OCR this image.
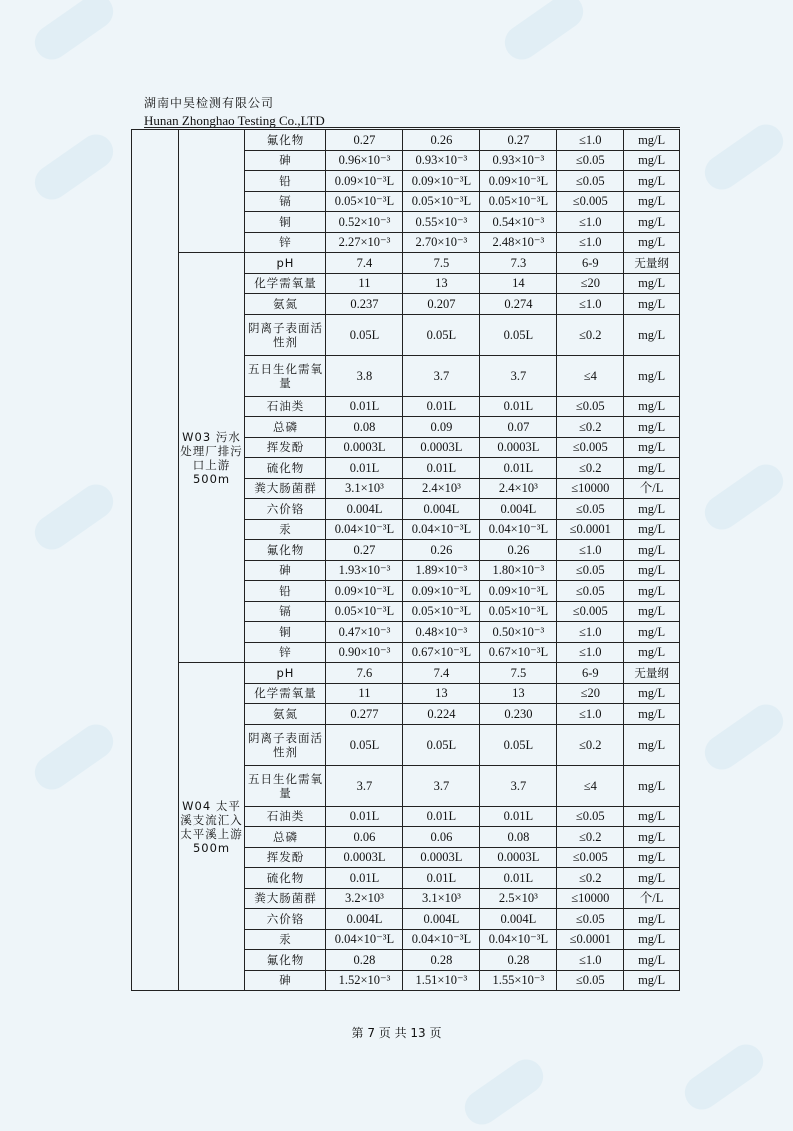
湖南中昊检测有限公司
Hunan Zhonghao Testing Co.,LTD
		氟化物	0.27	0.26	0.27	≤1.0	mg/L
		砷	0.96×10⁻³	0.93×10⁻³	0.93×10⁻³	≤0.05	mg/L
		铅	0.09×10⁻³L	0.09×10⁻³L	0.09×10⁻³L	≤0.05	mg/L
		镉	0.05×10⁻³L	0.05×10⁻³L	0.05×10⁻³L	≤0.005	mg/L
		铜	0.52×10⁻³	0.55×10⁻³	0.54×10⁻³	≤1.0	mg/L
		锌	2.27×10⁻³	2.70×10⁻³	2.48×10⁻³	≤1.0	mg/L
	W03 污水处理厂排污口上游 500m	pH	7.4	7.5	7.3	6-9	无量纲
		化学需氧量	11	13	14	≤20	mg/L
		氨氮	0.237	0.207	0.274	≤1.0	mg/L
		阴离子表面活性剂	0.05L	0.05L	0.05L	≤0.2	mg/L
		五日生化需氧量	3.8	3.7	3.7	≤4	mg/L
		石油类	0.01L	0.01L	0.01L	≤0.05	mg/L
		总磷	0.08	0.09	0.07	≤0.2	mg/L
		挥发酚	0.0003L	0.0003L	0.0003L	≤0.005	mg/L
		硫化物	0.01L	0.01L	0.01L	≤0.2	mg/L
		粪大肠菌群	3.1×10³	2.4×10³	2.4×10³	≤10000	个/L
		六价铬	0.004L	0.004L	0.004L	≤0.05	mg/L
		汞	0.04×10⁻³L	0.04×10⁻³L	0.04×10⁻³L	≤0.0001	mg/L
		氟化物	0.27	0.26	0.26	≤1.0	mg/L
		砷	1.93×10⁻³	1.89×10⁻³	1.80×10⁻³	≤0.05	mg/L
		铅	0.09×10⁻³L	0.09×10⁻³L	0.09×10⁻³L	≤0.05	mg/L
		镉	0.05×10⁻³L	0.05×10⁻³L	0.05×10⁻³L	≤0.005	mg/L
		铜	0.47×10⁻³	0.48×10⁻³	0.50×10⁻³	≤1.0	mg/L
		锌	0.90×10⁻³	0.67×10⁻³L	0.67×10⁻³L	≤1.0	mg/L
	W04 太平溪支流汇入太平溪上游 500m	pH	7.6	7.4	7.5	6-9	无量纲
		化学需氧量	11	13	13	≤20	mg/L
		氨氮	0.277	0.224	0.230	≤1.0	mg/L
		阴离子表面活性剂	0.05L	0.05L	0.05L	≤0.2	mg/L
		五日生化需氧量	3.7	3.7	3.7	≤4	mg/L
		石油类	0.01L	0.01L	0.01L	≤0.05	mg/L
		总磷	0.06	0.06	0.08	≤0.2	mg/L
		挥发酚	0.0003L	0.0003L	0.0003L	≤0.005	mg/L
		硫化物	0.01L	0.01L	0.01L	≤0.2	mg/L
		粪大肠菌群	3.2×10³	3.1×10³	2.5×10³	≤10000	个/L
		六价铬	0.004L	0.004L	0.004L	≤0.05	mg/L
		汞	0.04×10⁻³L	0.04×10⁻³L	0.04×10⁻³L	≤0.0001	mg/L
		氟化物	0.28	0.28	0.28	≤1.0	mg/L
		砷	1.52×10⁻³	1.51×10⁻³	1.55×10⁻³	≤0.05	mg/L
第 7 页 共 13 页
